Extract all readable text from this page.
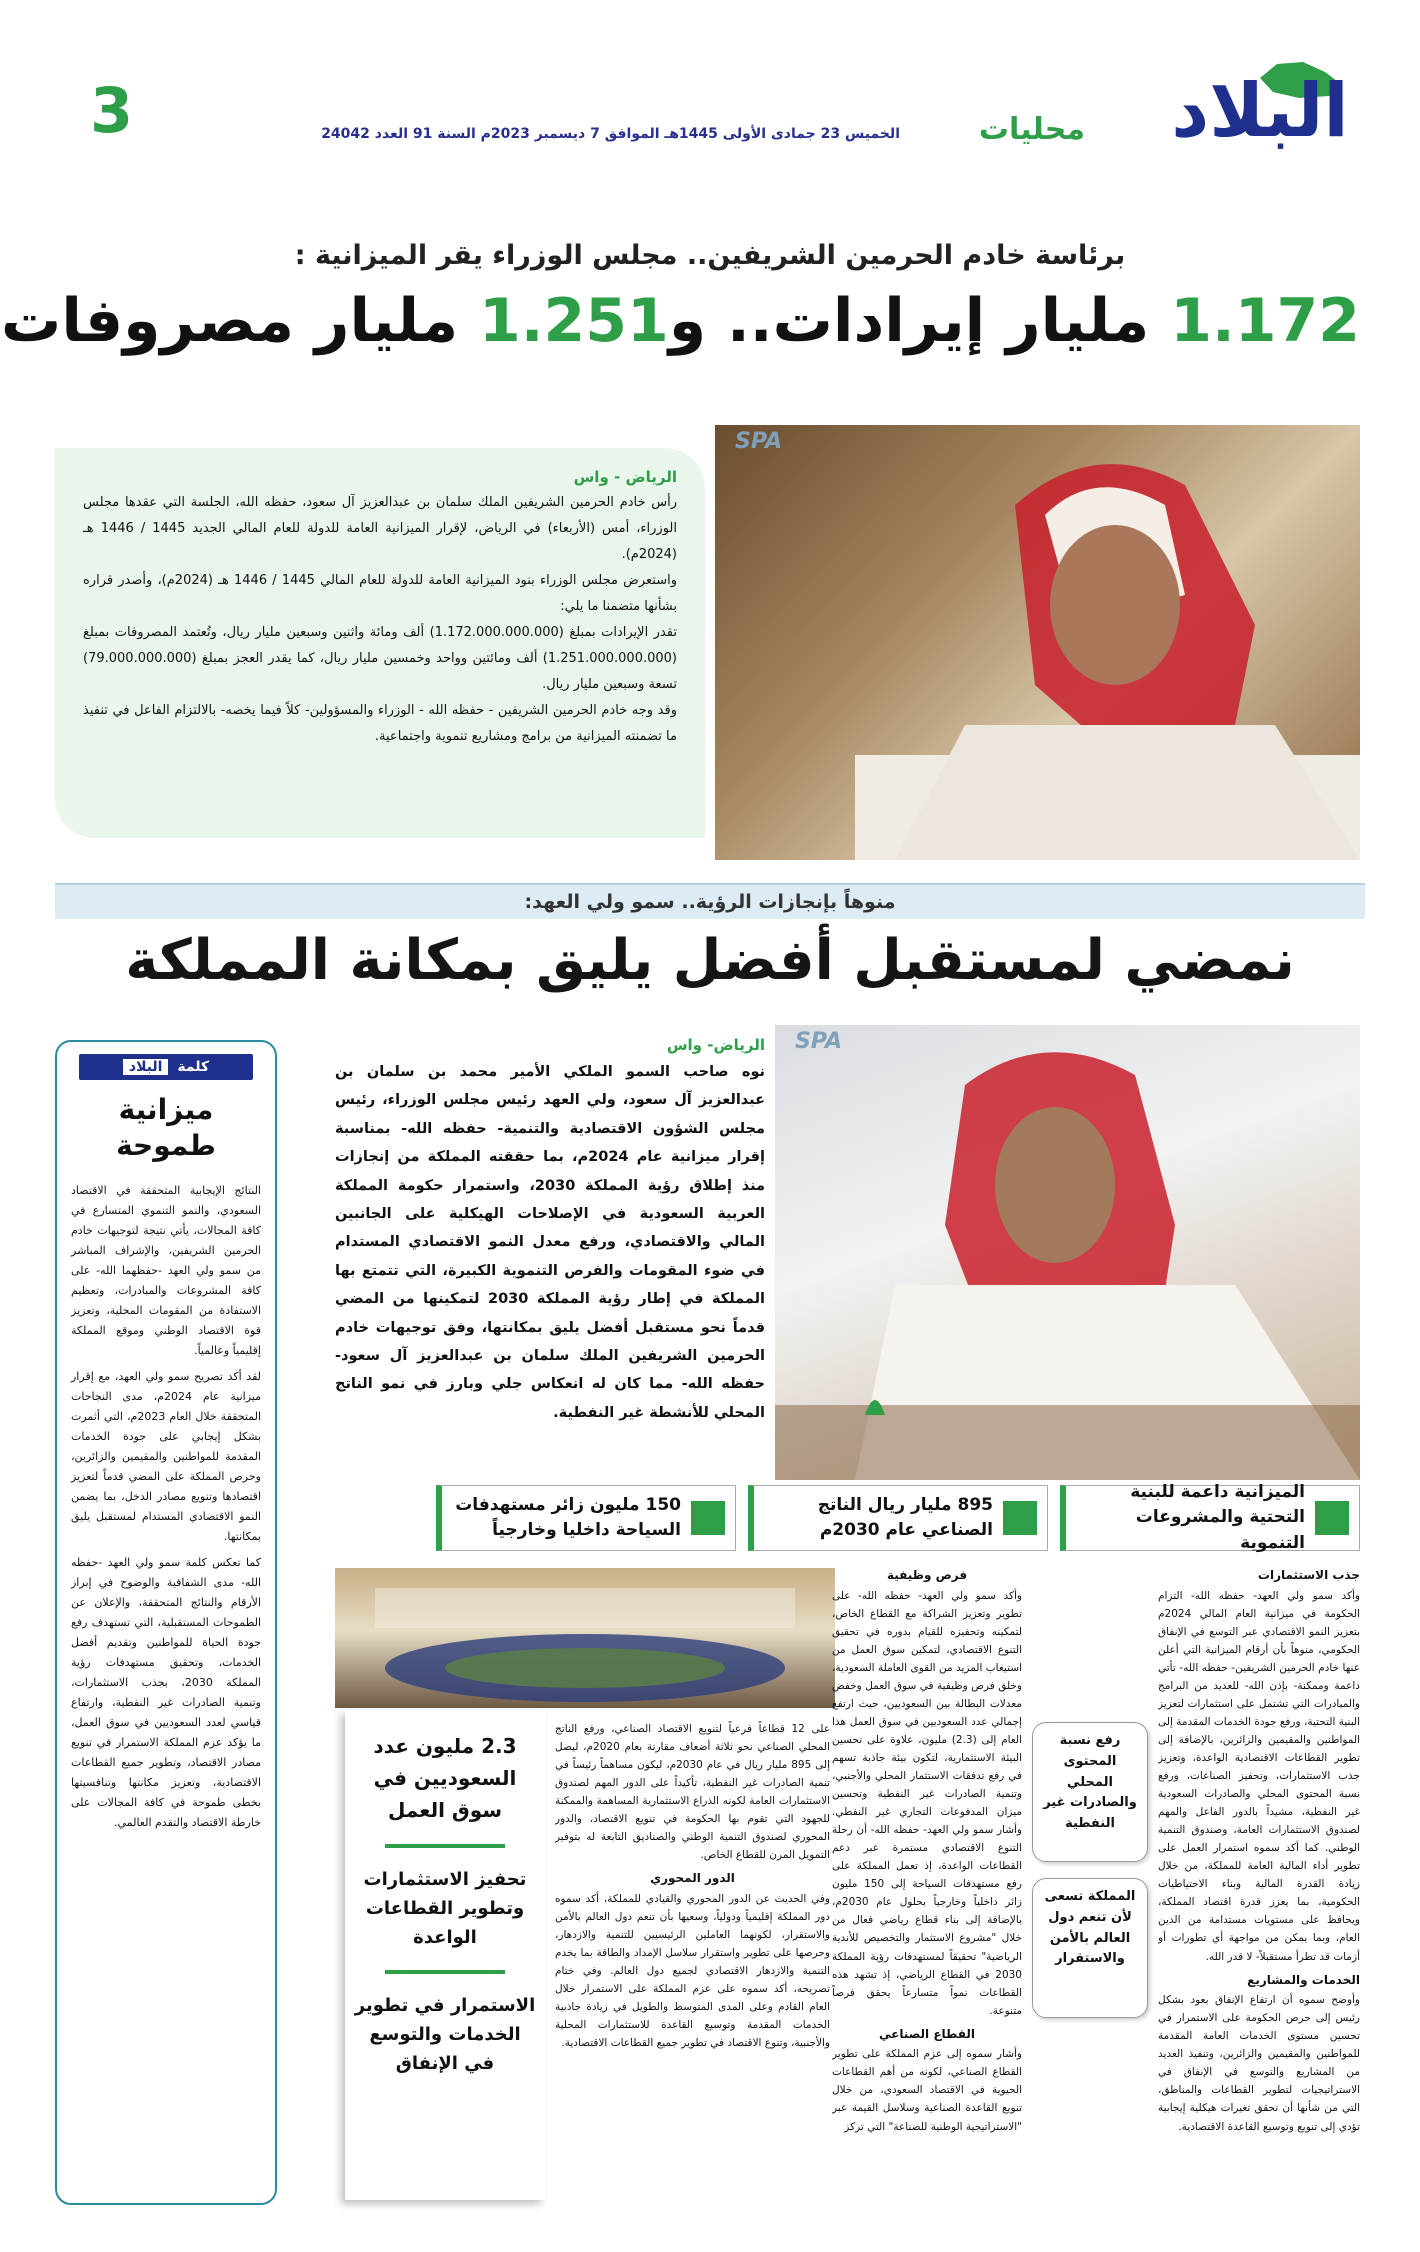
البلاد
محليات
الخميس 23 جمادى الأولى 1445هـ الموافق 7 ديسمبر 2023م السنة 91 العدد 24042
3
برئاسة خادم الحرمين الشريفين.. مجلس الوزراء يقر الميزانية :
1.172 مليار إيرادات.. و1.251 مليار مصروفات
SPA
الرياض - واس

رأس خادم الحرمين الشريفين الملك سلمان بن عبدالعزيز آل سعود، حفظه الله، الجلسة التي عقدها مجلس الوزراء، أمس (الأربعاء) في الرياض، لإقرار الميزانية العامة للدولة للعام المالي الجديد 1445 / 1446 هـ (2024م).

واستعرض مجلس الوزراء بنود الميزانية العامة للدولة للعام المالي 1445 / 1446 هـ (2024م)، وأصدر قراره بشأنها متضمنا ما يلي:

تقدر الإيرادات بمبلغ (1.172.000.000.000) ألف ومائة واثنين وسبعين مليار ريال، وتُعتمد المصروفات بمبلغ (1.251.000.000.000) ألف ومائتين وواحد وخمسين مليار ريال، كما يقدر العجز بمبلغ (79.000.000.000) تسعة وسبعين مليار ريال.

وقد وجه خادم الحرمين الشريفين - حفظه الله - الوزراء والمسؤولين- كلاً فيما يخصه- بالالتزام الفاعل في تنفيذ ما تضمنته الميزانية من برامج ومشاريع تنموية واجتماعية.

منوهاً بإنجازات الرؤية.. سمو ولي العهد:
نمضي لمستقبل أفضل يليق بمكانة المملكة
كلمة البلاد
ميزانية طموحة

النتائج الإيجابية المتحققة في الاقتصاد السعودي، والنمو التنموي المتسارع في كافة المجالات، يأتي نتيجة لتوجيهات خادم الحرمين الشريفين، والإشراف المباشر من سمو ولي العهد -حفظهما الله- على كافة المشروعات والمبادرات، وتعظيم الاستفادة من المقومات المحلية، وتعزيز قوة الاقتصاد الوطني وموقع المملكة إقليمياً وعالمياً.

لقد أكد تصريح سمو ولي العهد، مع إقرار ميزانية عام 2024م، مدى النجاحات المتحققة خلال العام 2023م، التي أثمرت بشكل إيجابي على جودة الخدمات المقدمة للمواطنين والمقيمين والزائرين، وحرص المملكة على المضي قدماً لتعزيز اقتصادها وتنويع مصادر الدخل، بما يضمن النمو الاقتصادي المستدام لمستقبل يليق بمكانتها.

كما تعكس كلمة سمو ولي العهد -حفظه الله- مدى الشفافية والوضوح في إبراز الأرقام والنتائج المتحققة، والإعلان عن الطموحات المستقبلية، التي تستهدف رفع جودة الحياة للمواطنين وتقديم أفضل الخدمات، وتحقيق مستهدفات رؤية المملكة 2030، بجذب الاستثمارات، وتنمية الصادرات غير النفطية، وارتفاع قياسي لعدد السعوديين في سوق العمل، ما يؤكد عزم المملكة الاستمرار في تنويع مصادر الاقتصاد، وتطوير جميع القطاعات الاقتصادية، وتعزيز مكانتها وتنافسيتها بخطى طموحة في كافة المجالات على خارطة الاقتصاد والتقدم العالمي.

SPA
الرياض- واس

نوه صاحب السمو الملكي الأمير محمد بن سلمان بن عبدالعزيز آل سعود، ولي العهد رئيس مجلس الوزراء، رئيس مجلس الشؤون الاقتصادية والتنمية- حفظه الله- بمناسبة إقرار ميزانية عام 2024م، بما حققته المملكة من إنجازات منذ إطلاق رؤية المملكة 2030، واستمرار حكومة المملكة العربية السعودية في الإصلاحات الهيكلية على الجانبين المالي والاقتصادي، ورفع معدل النمو الاقتصادي المستدام في ضوء المقومات والفرص التنموية الكبيرة، التي تتمتع بها المملكة في إطار رؤية المملكة 2030 لتمكينها من المضي قدماً نحو مستقبل أفضل يليق بمكانتها، وفق توجيهات خادم الحرمين الشريفين الملك سلمان بن عبدالعزيز آل سعود- حفظه الله- مما كان له انعكاس جلي وبارز في نمو الناتج المحلي للأنشطة غير النفطية.

الميزانية داعمة للبنية التحتية والمشروعات التنموية
895 مليار ريال الناتج الصناعي عام 2030م
150 مليون زائر مستهدفات السياحة داخليا وخارجياً
2.3 مليون عدد السعوديين في سوق العمل
تحفيز الاستثمارات وتطوير القطاعات الواعدة
الاستمرار في تطوير الخدمات والتوسع في الإنفاق
جذب الاستثمارات

وأكد سمو ولي العهد- حفظه الله- التزام الحكومة في ميزانية العام المالي 2024م بتعزيز النمو الاقتصادي عبر التوسع في الإنفاق الحكومي، منوهاً بأن أرقام الميزانية التي أعلن عنها خادم الحرمين الشريفين- حفظه الله- تأتي داعمة وممكنة- بإذن الله- للعديد من البرامج والمبادرات التي تشتمل على استثمارات لتعزيز البنية التحتية، ورفع جودة الخدمات المقدمة إلى المواطنين والمقيمين والزائرين، بالإضافة إلى تطوير القطاعات الاقتصادية الواعدة، وتعزيز جذب الاستثمارات، وتحفيز الصناعات، ورفع نسبة المحتوى المحلي والصادرات السعودية غير النفطية، مشيداً بالدور الفاعل والمهم لصندوق الاستثمارات العامة، وصندوق التنمية الوطني. كما أكد سموه استمرار العمل على تطوير أداء المالية العامة للمملكة، من خلال زيادة القدرة المالية وبناء الاحتياطيات الحكومية، بما يعزز قدرة اقتصاد المملكة، ويحافظ على مستويات مستدامة من الدين العام، وبما يمكن من مواجهة أي تطورات أو أزمات قد تطرأ مستقبلاً- لا قدر الله.

الخدمات والمشاريع

وأوضح سموه أن ارتفاع الإنفاق بعود بشكل رئيس إلى حرص الحكومة على الاستمرار في تحسين مستوى الخدمات العامة المقدمة للمواطنين والمقيمين والزائرين، وتنفيذ العديد من المشاريع والتوسع في الإنفاق في الاستراتيجيات لتطوير القطاعات والمناطق، التي من شأنها أن تحقق تغيرات هيكلية إيجابية تؤدي إلى تنويع وتوسيع القاعدة الاقتصادية.

رفع نسبة المحتوى المحلي والصادرات غير النفطية
المملكة تسعى لأن تنعم دول العالم بالأمن والاستقرار
فرص وظيفية

وأكد سمو ولي العهد- حفظه الله- على تطوير وتعزيز الشراكة مع القطاع الخاص، لتمكينه وتحفيزه للقيام بدوره في تحقيق التنوع الاقتصادي، لتمكين سوق العمل من استيعاب المزيد من القوى العاملة السعودية، وخلق فرص وظيفية في سوق العمل وخفض معدلات البطالة بين السعوديين، حيث ارتفع إجمالي عدد السعوديين في سوق العمل هذا العام إلى (2.3) مليون، علاوة على تحسين البيئة الاستثمارية، لتكون بيئة جاذبة تسهم في رفع تدفقات الاستثمار المحلي والأجنبي، وتنمية الصادرات غير النفطية وتحسين ميزان المدفوعات التجاري غير النفطي. وأشار سمو ولي العهد- حفظه الله- أن رحلة التنوع الاقتصادي مستمرة عبر دعم القطاعات الواعدة، إذ تعمل المملكة على رفع مستهدفات السياحة إلى 150 مليون زائر داخلياً وخارجياً بحلول عام 2030م، بالإضافة إلى بناء قطاع رياضي فعال من خلال "مشروع الاستثمار والتخصيص للأندية الرياضية" تحقيقاً لمستهدفات رؤية المملكة 2030 في القطاع الرياضي، إذ تشهد هذه القطاعات نمواً متسارعاً يحقق فرصاً متنوعة.

القطاع الصناعي

وأشار سموه إلى عزم المملكة على تطوير القطاع الصناعي، لكونه من أهم القطاعات الحيوية في الاقتصاد السعودي، من خلال تنويع القاعدة الصناعية وسلاسل القيمة عبر "الاستراتيجية الوطنية للصناعة" التي تركز

على 12 قطاعاً فرعياً لتنويع الاقتصاد الصناعي، ورفع الناتج المحلي الصناعي نحو ثلاثة أضعاف مقارنة بعام 2020م، ليصل إلى 895 مليار ريال في عام 2030م، ليكون مساهماً رئيساً في تنمية الصادرات غير النفطية، تأكيداً على الدور المهم لصندوق الاستثمارات العامة لكونه الذراع الاستثمارية المساهمة والممكنة للجهود التي تقوم بها الحكومة في تنويع الاقتصاد، والدور المحوري لصندوق التنمية الوطني والصناديق التابعة له بتوفير التمويل المرن للقطاع الخاص.

الدور المحوري

وفي الحديث عن الدور المحوري والقيادي للمملكة، أكد سموه دور المملكة إقليمياً ودولياً، وسعيها بأن تنعم دول العالم بالأمن والاستقرار، لكونهما العاملين الرئيسيين للتنمية والازدهار، وحرصها على تطوير واستقرار سلاسل الإمداد والطاقة بما يخدم التنمية والازدهار الاقتصادي لجميع دول العالم. وفي ختام تصريحه، أكد سموه على عزم المملكة على الاستمرار خلال العام القادم وعلى المدى المتوسط والطويل في زيادة جاذبية الخدمات المقدمة وتوسيع القاعدة للاستثمارات المحلية والأجنبية، وتنوع الاقتصاد في تطوير جميع القطاعات الاقتصادية.
